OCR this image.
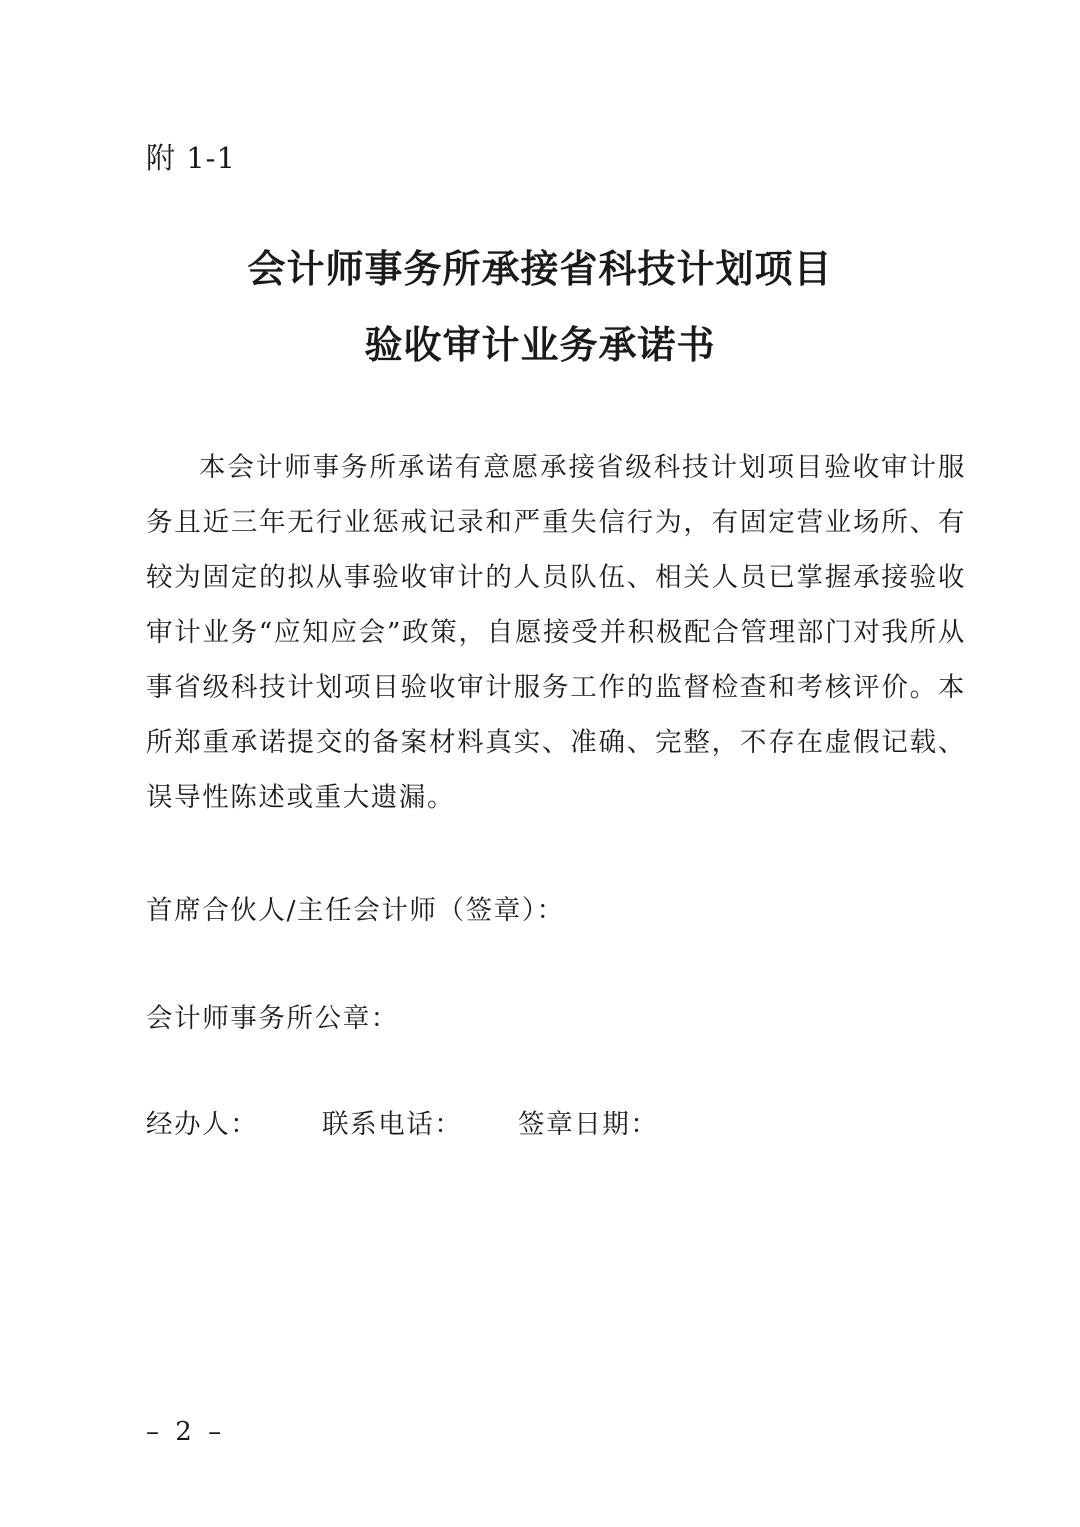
附 1-1
会计师事务所承接省科技计划项目
验收审计业务承诺书

本会计师事务所承诺有意愿承接省级科技计划项目验收审计服务且近三年无行业惩戒记录和严重失信行为，有固定营业场所、有较为固定的拟从事验收审计的人员队伍、相关人员已掌握承接验收审计业务“应知应会”政策，自愿接受并积极配合管理部门对我所从事省级科技计划项目验收审计服务工作的监督检查和考核评价。本所郑重承诺提交的备案材料真实、准确、完整，不存在虚假记载、误导性陈述或重大遗漏。

首席合伙人/主任会计师（签章）：
会计师事务所公章：
经办人： 联系电话： 签章日期：
– 2 –
